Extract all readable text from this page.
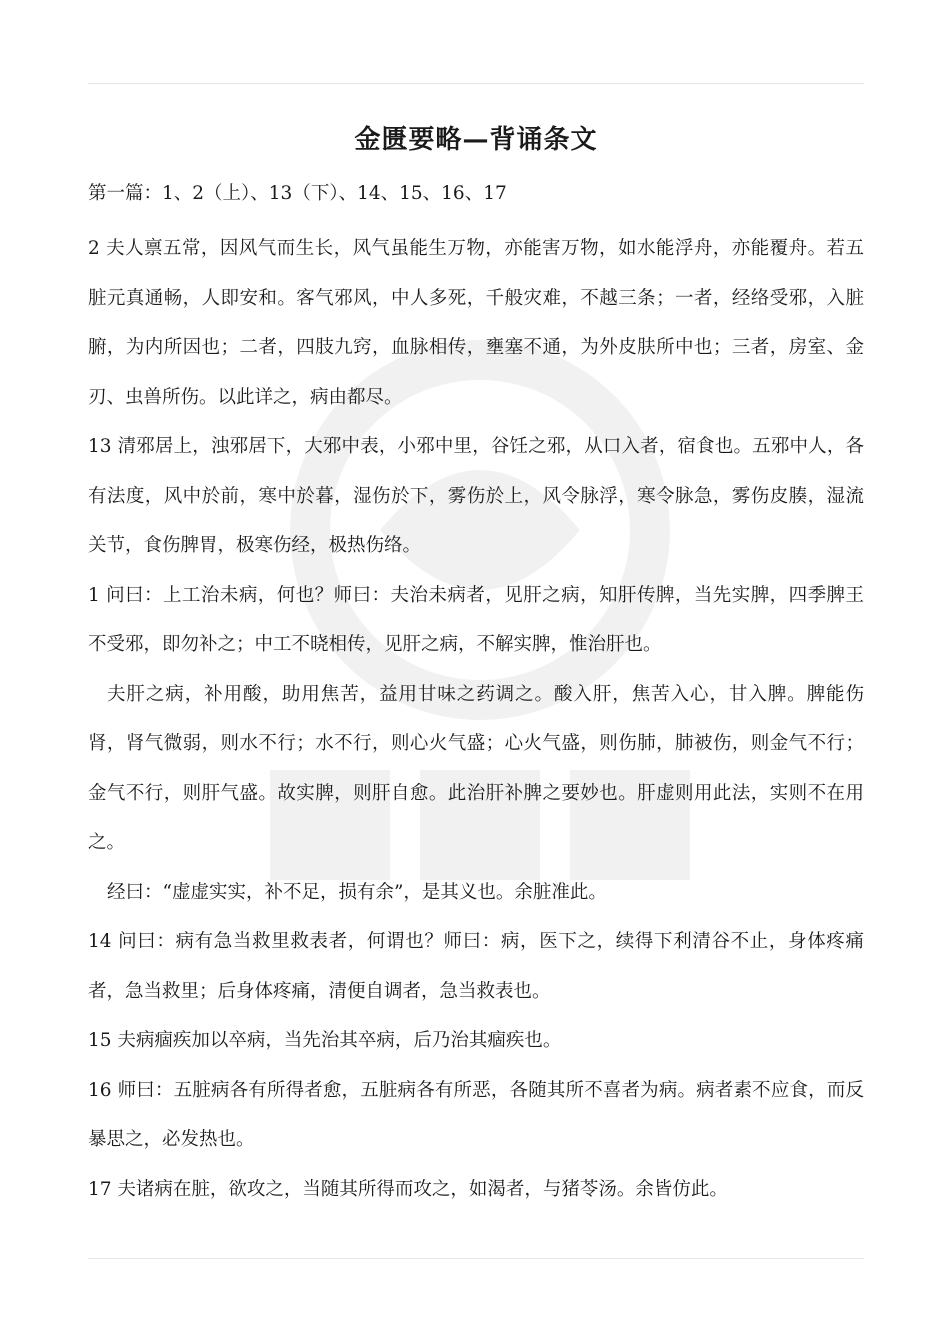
金匮要略—背诵条文

第一篇：1、2（上）、13（下）、14、15、16、17

2 夫人禀五常，因风气而生长，风气虽能生万物，亦能害万物，如水能浮舟，亦能覆舟。若五脏元真通畅，人即安和。客气邪风，中人多死，千般灾难，不越三条；一者，经络受邪，入脏腑，为内所因也；二者，四肢九窍，血脉相传，壅塞不通，为外皮肤所中也；三者，房室、金刃、虫兽所伤。以此详之，病由都尽。

13 清邪居上，浊邪居下，大邪中表，小邪中里，谷饪之邪，从口入者，宿食也。五邪中人，各有法度，风中於前，寒中於暮，湿伤於下，雾伤於上，风令脉浮，寒令脉急，雾伤皮腠，湿流关节，食伤脾胃，极寒伤经，极热伤络。

1 问曰：上工治未病，何也？师曰：夫治未病者，见肝之病，知肝传脾，当先实脾，四季脾王不受邪，即勿补之；中工不晓相传，见肝之病，不解实脾，惟治肝也。

夫肝之病，补用酸，助用焦苦，益用甘味之药调之。酸入肝，焦苦入心，甘入脾。脾能伤肾，肾气微弱，则水不行；水不行，则心火气盛；心火气盛，则伤肺，肺被伤，则金气不行；金气不行，则肝气盛。故实脾，则肝自愈。此治肝补脾之要妙也。肝虚则用此法，实则不在用之。

经曰：“虚虚实实，补不足，损有余”，是其义也。余脏准此。

14 问曰：病有急当救里救表者，何谓也？师曰：病，医下之，续得下利清谷不止，身体疼痛者，急当救里；后身体疼痛，清便自调者，急当救表也。

15 夫病痼疾加以卒病，当先治其卒病，后乃治其痼疾也。

16 师曰：五脏病各有所得者愈，五脏病各有所恶，各随其所不喜者为病。病者素不应食，而反暴思之，必发热也。

17 夫诸病在脏，欲攻之，当随其所得而攻之，如渴者，与猪苓汤。余皆仿此。
